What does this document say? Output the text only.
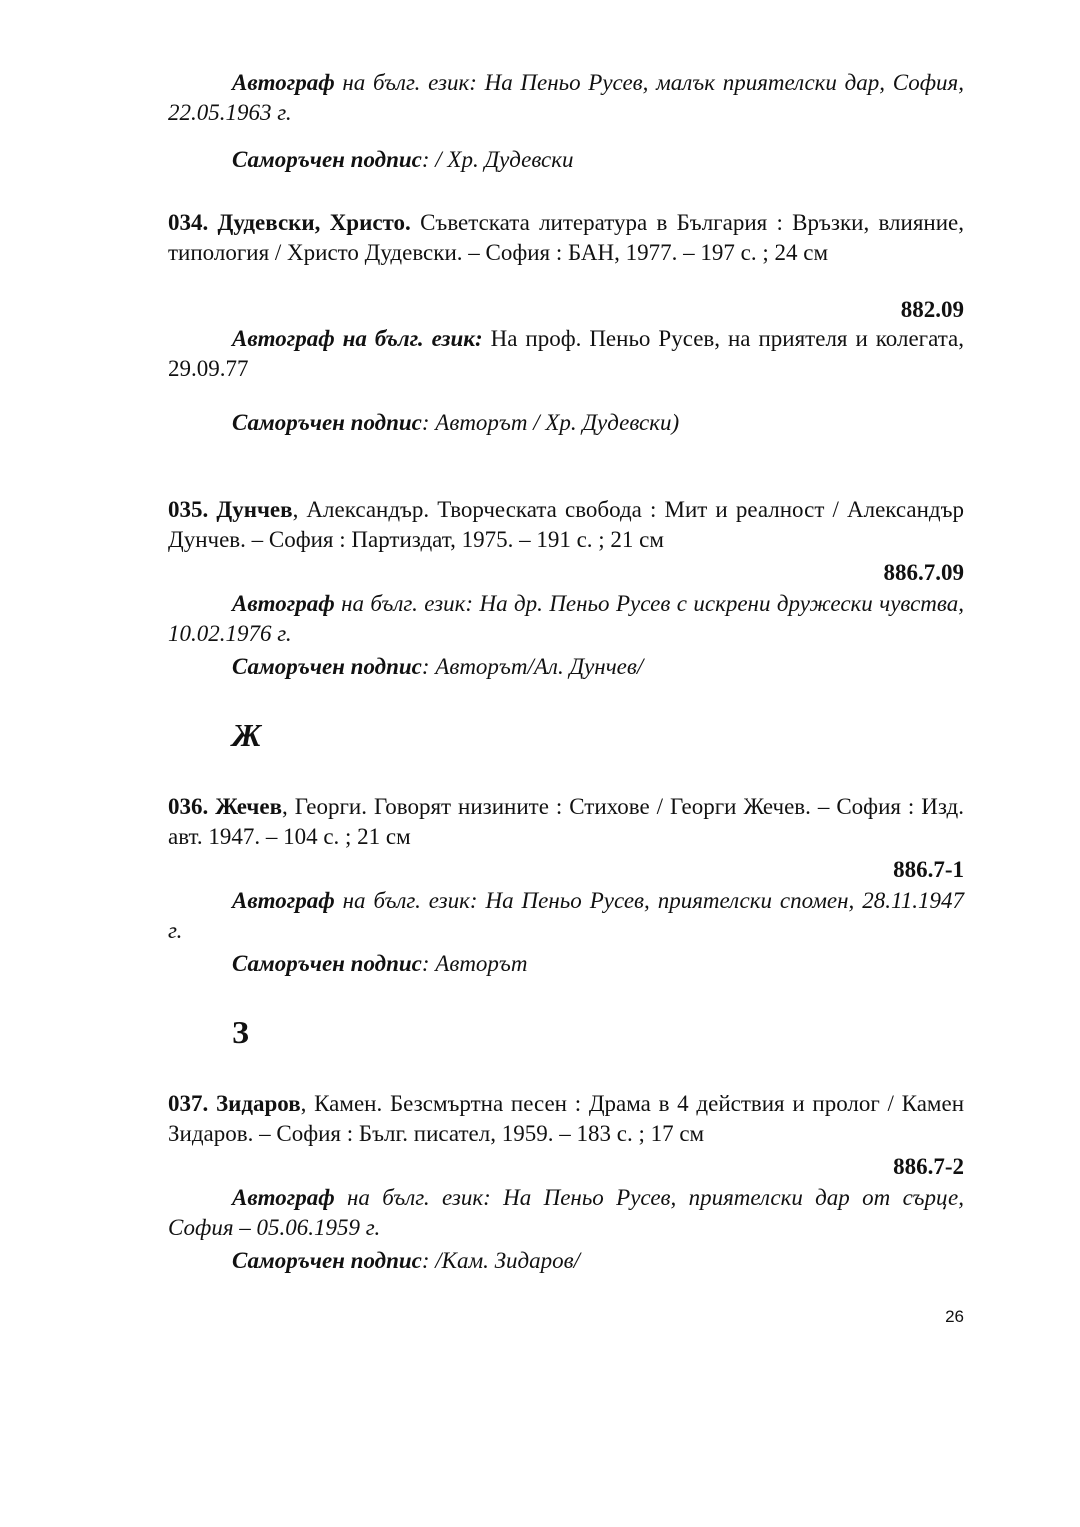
Автограф на бълг. език: На Пеньо Русев, малък приятелски дар, София, 22.05.1963 г.
Саморъчен подпис: / Хр. Дудевски
034. Дудевски, Христо. Съветската литература в България : Връзки, влияние, типология / Христо Дудевски. – София : БАН, 1977. – 197 с. ; 24 см
882.09
Автограф на бълг. език: На проф. Пеньо Русев, на приятеля и колегата, 29.09.77
Саморъчен подпис: Авторът / Хр. Дудевски)
035. Дунчев, Александър. Творческата свобода : Мит и реалност / Александър Дунчев. – София : Партиздат, 1975. – 191 с. ; 21 см
886.7.09
Автограф на бълг. език: На др. Пеньо Русев с искрени дружески чувства, 10.02.1976 г.
Саморъчен подпис: Авторът/Ал. Дунчев/
Ж
036. Жечев, Георги. Говорят низините : Стихове / Георги Жечев. – София : Изд. авт. 1947. – 104 с. ; 21 см
886.7-1
Автограф на бълг. език: На Пеньо Русев, приятелски спомен, 28.11.1947 г.
Саморъчен подпис: Авторът
З
037. Зидаров, Камен. Безсмъртна песен : Драма в 4 действия и пролог / Камен Зидаров. – София : Бълг. писател, 1959. – 183 с. ; 17 см
886.7-2
Автограф на бълг. език: На Пеньо Русев, приятелски дар от сърце, София – 05.06.1959 г.
Саморъчен подпис: /Кам. Зидаров/
26
